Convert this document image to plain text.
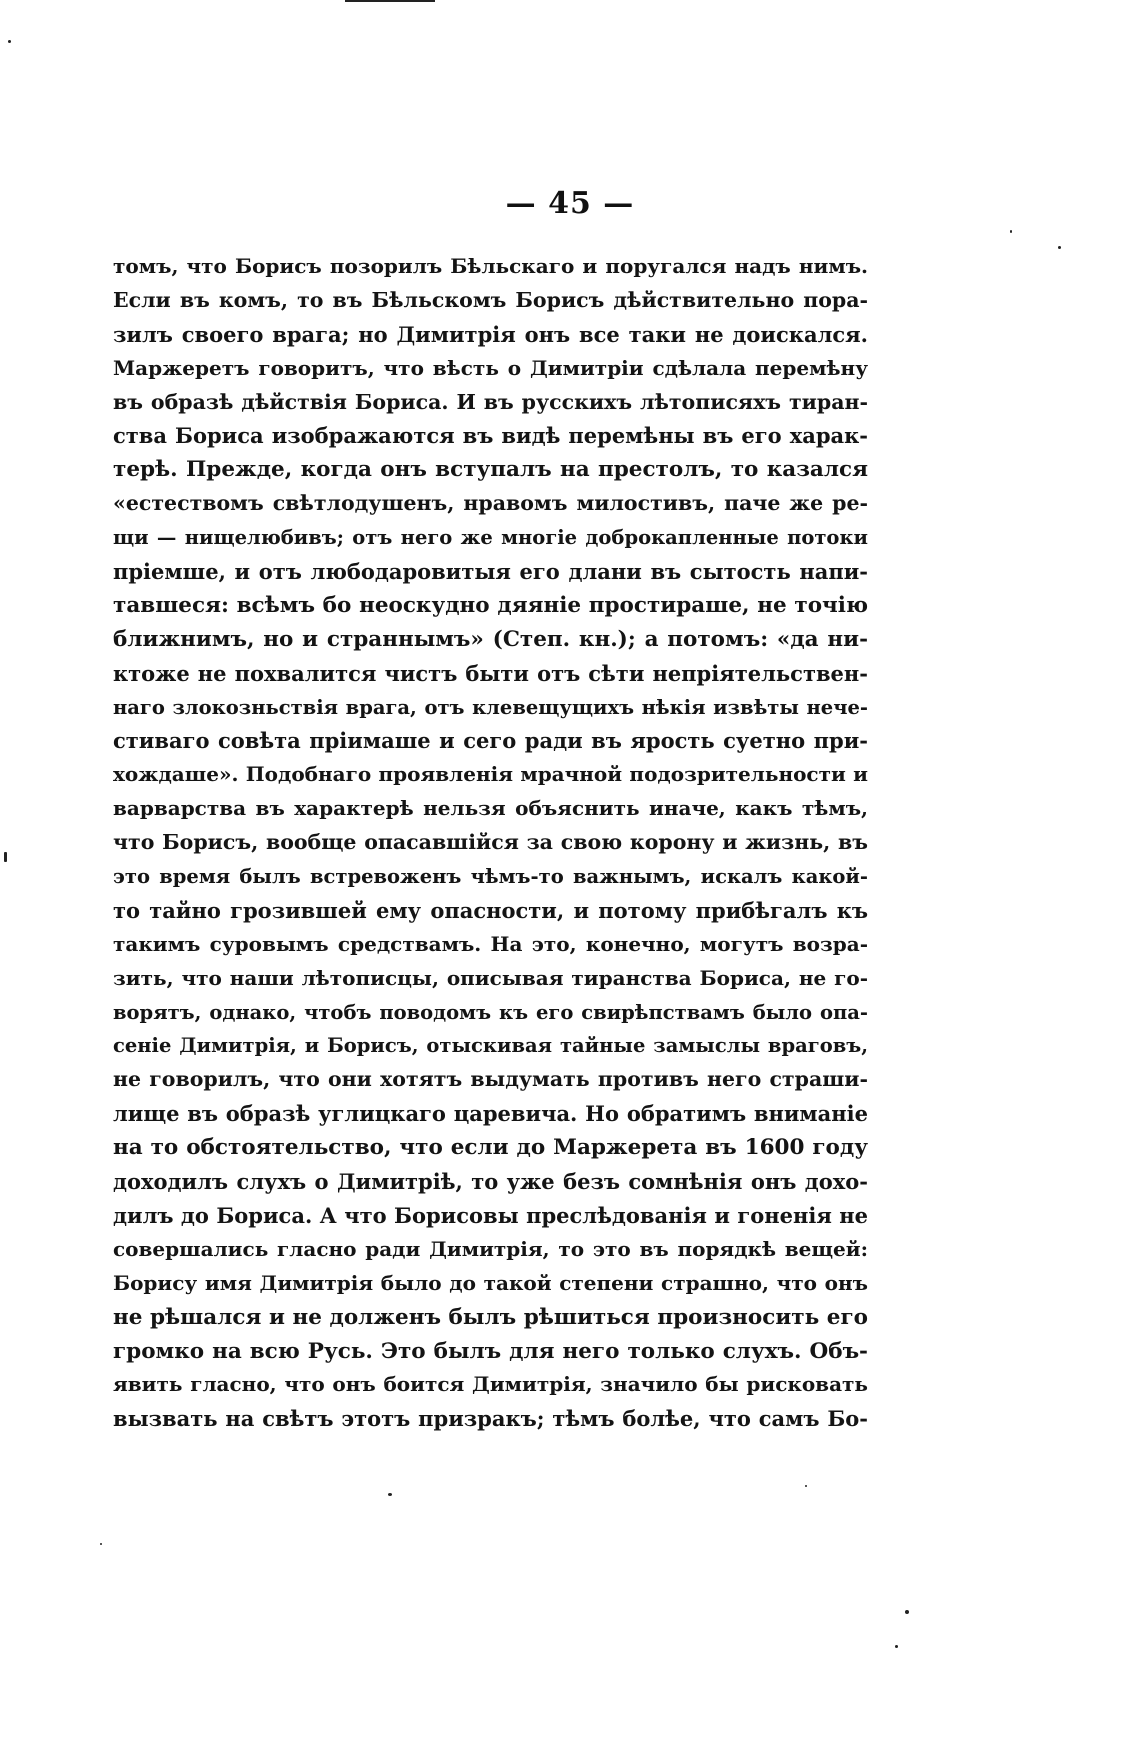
— 45 —
томъ, что Борисъ позорилъ Бѣльскаго и поругался надъ нимъ.
Если въ комъ, то въ Бѣльскомъ Борисъ дѣйствительно пора-
зилъ своего врага; но Димитрія онъ все таки не доискался.
Маржеретъ говоритъ, что вѣсть о Димитріи сдѣлала перемѣну
въ образѣ дѣйствія Бориса. И въ русскихъ лѣтописяхъ тиран-
ства Бориса изображаются въ видѣ перемѣны въ его харак-
терѣ. Прежде, когда онъ вступалъ на престолъ, то казался
«естествомъ свѣтлодушенъ, нравомъ милостивъ, паче же ре-
щи — нищелюбивъ; отъ него же многіе доброкапленные потоки
пріемше, и отъ любодаровитыя его длани въ сытость напи-
тавшеся: всѣмъ бо неоскудно дяяніе простираше, не точію
ближнимъ, но и страннымъ» (Степ. кн.); а потомъ: «да ни-
ктоже не похвалится чистъ быти отъ сѣти непріятельствен-
наго злокозньствія врага, отъ клевещущихъ нѣкія извѣты нече-
стиваго совѣта пріимаше и сего ради въ ярость суетно при-
хождаше». Подобнаго проявленія мрачной подозрительности и
варварства въ характерѣ нельзя объяснить иначе, какъ тѣмъ,
что Борисъ, вообще опасавшійся за свою корону и жизнь, въ
это время былъ встревоженъ чѣмъ-то важнымъ, искалъ какой-
то тайно грозившей ему опасности, и потому прибѣгалъ къ
такимъ суровымъ средствамъ. На это, конечно, могутъ возра-
зить, что наши лѣтописцы, описывая тиранства Бориса, не го-
ворятъ, однако, чтобъ поводомъ къ его свирѣпствамъ было опа-
сеніе Димитрія, и Борисъ, отыскивая тайные замыслы враговъ,
не говорилъ, что они хотятъ выдумать противъ него страши-
лище въ образѣ углицкаго царевича. Но обратимъ вниманіе
на то обстоятельство, что если до Маржерета въ 1600 году
доходилъ слухъ о Димитріѣ, то уже безъ сомнѣнія онъ дохо-
дилъ до Бориса. А что Борисовы преслѣдованія и гоненія не
совершались гласно ради Димитрія, то это въ порядкѣ вещей:
Борису имя Димитрія было до такой степени страшно, что онъ
не рѣшался и не долженъ былъ рѣшиться произносить его
громко на всю Русь. Это былъ для него только слухъ. Объ-
явить гласно, что онъ боится Димитрія, значило бы рисковать
вызвать на свѣтъ этотъ призракъ; тѣмъ болѣе, что самъ Бо-
